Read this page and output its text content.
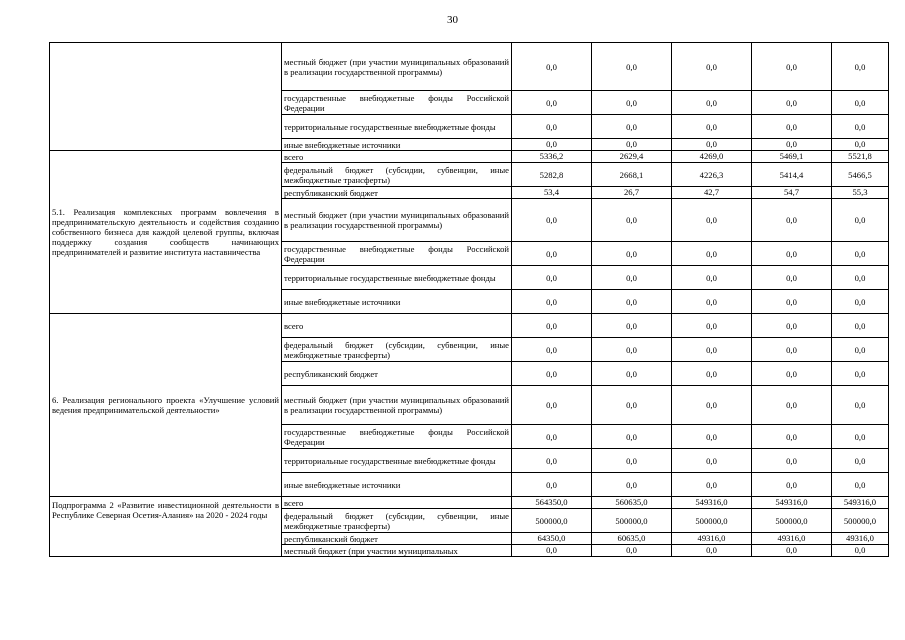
30

	местный бюджет (при участии муниципальных образований в реализации государственной программы)	0,0	0,0	0,0	0,0	0,0

	государственные внебюджетные фонды Российской Федерации	0,0	0,0	0,0	0,0	0,0

	территориальные государственные внебюджетные фонды	0,0	0,0	0,0	0,0	0,0

	иные внебюджетные источники	0,0	0,0	0,0	0,0	0,0

5.1. Реализация комплексных программ вовлечения в предпринимательскую деятельность и содействия созданию собственного бизнеса для каждой целевой группы, включая поддержку создания сообществ начинающих предпринимателей и развитие института наставничества	всего	5336,2	2629,4	4269,0	5469,1	5521,8

	федеральный бюджет (субсидии, субвенции, иные межбюджетные трансферты)	5282,8	2668,1	4226,3	5414,4	5466,5

	республиканский бюджет	53,4	26,7	42,7	54,7	55,3

	местный бюджет (при участии муниципальных образований в реализации государственной программы)	0,0	0,0	0,0	0,0	0,0

	государственные внебюджетные фонды Российской Федерации	0,0	0,0	0,0	0,0	0,0

	территориальные государственные внебюджетные фонды	0,0	0,0	0,0	0,0	0,0

	иные внебюджетные источники	0,0	0,0	0,0	0,0	0,0

6. Реализация регионального проекта «Улучшение условий ведения предпринимательской деятельности»	всего	0,0	0,0	0,0	0,0	0,0

	федеральный бюджет (субсидии, субвенции, иные межбюджетные трансферты)	0,0	0,0	0,0	0,0	0,0

	республиканский бюджет	0,0	0,0	0,0	0,0	0,0

	местный бюджет (при участии муниципальных образований в реализации государственной программы)	0,0	0,0	0,0	0,0	0,0

	государственные внебюджетные фонды Российской Федерации	0,0	0,0	0,0	0,0	0,0

	территориальные государственные внебюджетные фонды	0,0	0,0	0,0	0,0	0,0

	иные внебюджетные источники	0,0	0,0	0,0	0,0	0,0

Подпрограмма 2 «Развитие инвестиционной деятельности в Республике Северная Осетия-Алания» на 2020 - 2024 годы	всего	564350,0	560635,0	549316,0	549316,0	549316,0

	федеральный бюджет (субсидии, субвенции, иные межбюджетные трансферты)	500000,0	500000,0	500000,0	500000,0	500000,0

	республиканский бюджет	64350,0	60635,0	49316,0	49316,0	49316,0

	местный бюджет (при участии муниципальных	0,0	0,0	0,0	0,0	0,0
